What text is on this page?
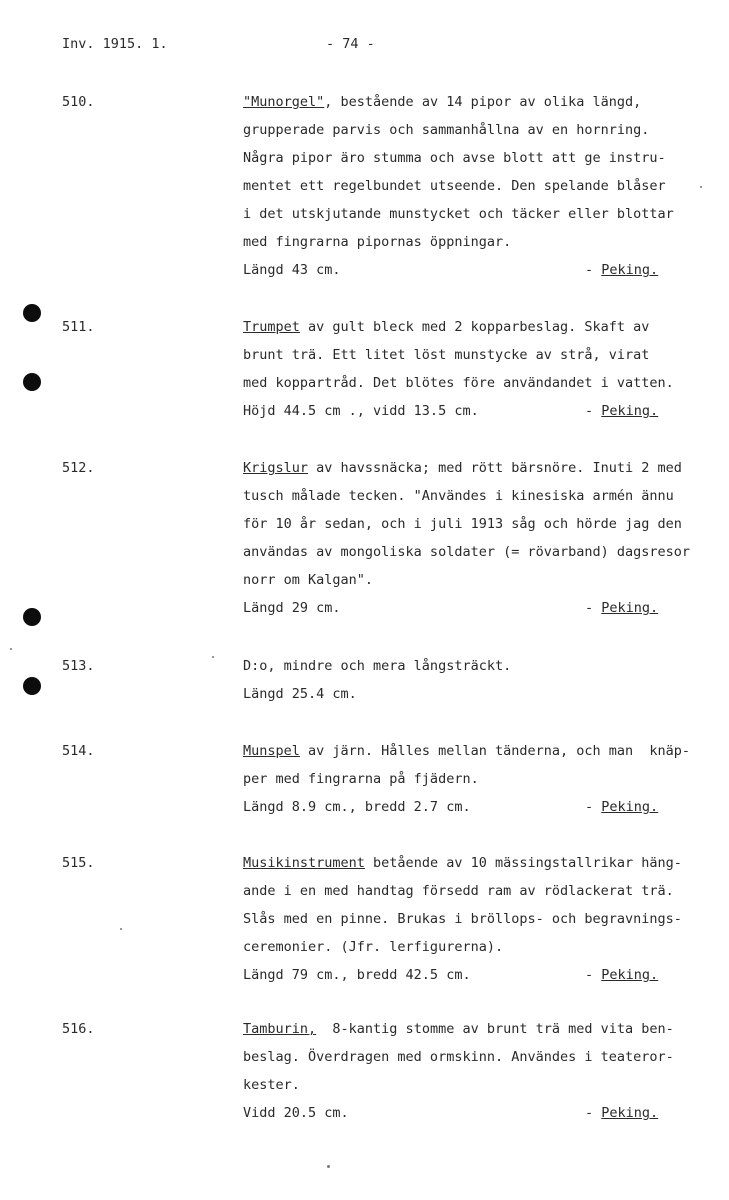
Inv. 1915. 1.	- 74 -
510.	"Munorgel", bestående av 14 pipor av olika längd,
grupperade parvis och sammanhållna av en hornring.
Några pipor äro stumma och avse blott att ge instru-
mentet ett regelbundet utseende. Den spelande blåser
i det utskjutande munstycket och täcker eller blottar
med fingrarna pipornas öppningar.
Längd 43 cm.	- Peking.
511.	Trumpet av gult bleck med 2 kopparbeslag. Skaft av
brunt trä. Ett litet löst munstycke av strå, virat
med koppartråd. Det blötes före användandet i vatten.
Höjd 44.5 cm ., vidd 13.5 cm.	- Peking.
512.	Krigslur av havssnäcka; med rött bärsnöre. Inuti 2 med
tusch målade tecken. "Användes i kinesiska armén ännu
för 10 år sedan, och i juli 1913 såg och hörde jag den
användas av mongoliska soldater (= rövarband) dagsresor
norr om Kalgan".
Längd 29 cm.	- Peking.
513.	D:o, mindre och mera långsträckt.
Längd 25.4 cm.
514.	Munspel av järn. Hålles mellan tänderna, och man  knäp-
per med fingrarna på fjädern.
Längd 8.9 cm., bredd 2.7 cm.	- Peking.
515.	Musikinstrument betående av 10 mässingstallrikar häng-
ande i en med handtag försedd ram av rödlackerat trä.
Slås med en pinne. Brukas i bröllops- och begravnings-
ceremonier. (Jfr. lerfigurerna).
Längd 79 cm., bredd 42.5 cm.	- Peking.
516.	Tamburin,  8-kantig stomme av brunt trä med vita ben-
beslag. Överdragen med ormskinn. Användes i teateror-
kester.
Vidd 20.5 cm.	- Peking.
